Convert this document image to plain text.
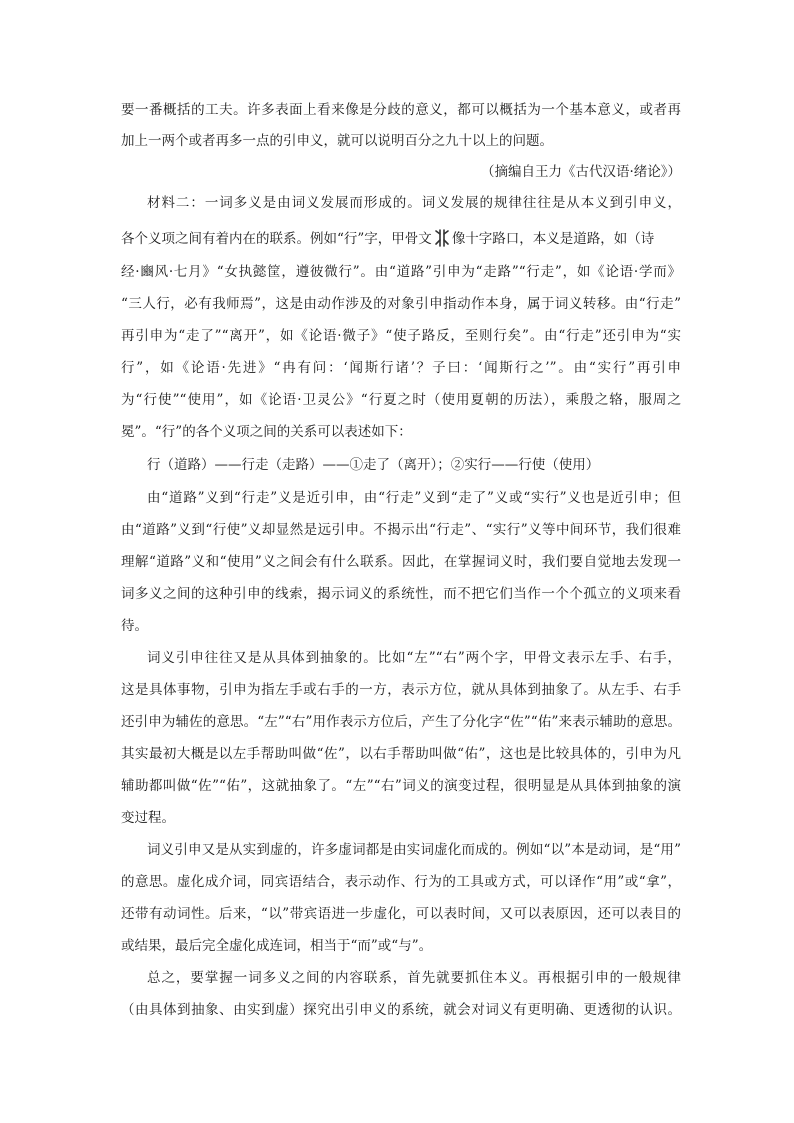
要一番概括的工夫。许多表面上看来像是分歧的意义，都可以概括为一个基本意义，或者再
加上一两个或者再多一点的引申义，就可以说明百分之九十以上的问题。
（摘编自王力《古代汉语·绪论》）
材料二：一词多义是由词义发展而形成的。词义发展的规律往往是从本义到引申义，
各个义项之间有着内在的联系。例如“行”字，甲骨文 像十字路口，本义是道路，如（诗
经·豳风·七月》“女执懿筐，遵彼微行”。由“道路”引申为“走路”“行走”，如《论语·学而》
“三人行，必有我师焉”，这是由动作涉及的对象引申指动作本身，属于词义转移。由“行走”
再引申为“走了”“离开”，如《论语·微子》“使子路反，至则行矣”。由“行走”还引申为“实
行”，如《论语·先进》“冉有问：‘闻斯行诸’？子曰：‘闻斯行之’”。由“实行”再引申
为“行使”“使用”，如《论语·卫灵公》“行夏之时（使用夏朝的历法），乘殷之辂，服周之
冕”。“行”的各个义项之间的关系可以表述如下：
行（道路）——行走（走路）——①走了（离开）；②实行——行使（使用）
由“道路”义到“行走”义是近引申，由“行走”义到“走了”义或“实行”义也是近引申；但
由“道路”义到“行使”义却显然是远引申。不揭示出“行走”、“实行”义等中间环节，我们很难
理解“道路”义和“使用”义之间会有什么联系。因此，在掌握词义时，我们要自觉地去发现一
词多义之间的这种引申的线索，揭示词义的系统性，而不把它们当作一个个孤立的义项来看
待。
词义引申往往又是从具体到抽象的。比如“左”“右”两个字，甲骨文表示左手、右手，
这是具体事物，引申为指左手或右手的一方，表示方位，就从具体到抽象了。从左手、右手
还引申为辅佐的意思。“左”“右”用作表示方位后，产生了分化字“佐”“佑”来表示辅助的意思。
其实最初大概是以左手帮助叫做“佐”，以右手帮助叫做“佑”，这也是比较具体的，引申为凡
辅助都叫做“佐”“佑”，这就抽象了。“左”“右”词义的演变过程，很明显是从具体到抽象的演
变过程。
词义引申又是从实到虚的，许多虚词都是由实词虚化而成的。例如“以”本是动词，是“用”
的意思。虚化成介词，同宾语结合，表示动作、行为的工具或方式，可以译作“用”或“拿”，
还带有动词性。后来，“以”带宾语进一步虚化，可以表时间，又可以表原因，还可以表目的
或结果，最后完全虚化成连词，相当于“而”或“与”。
总之，要掌握一词多义之间的内容联系，首先就要抓住本义。再根据引申的一般规律
（由具体到抽象、由实到虚）探究出引申义的系统，就会对词义有更明确、更透彻的认识。
